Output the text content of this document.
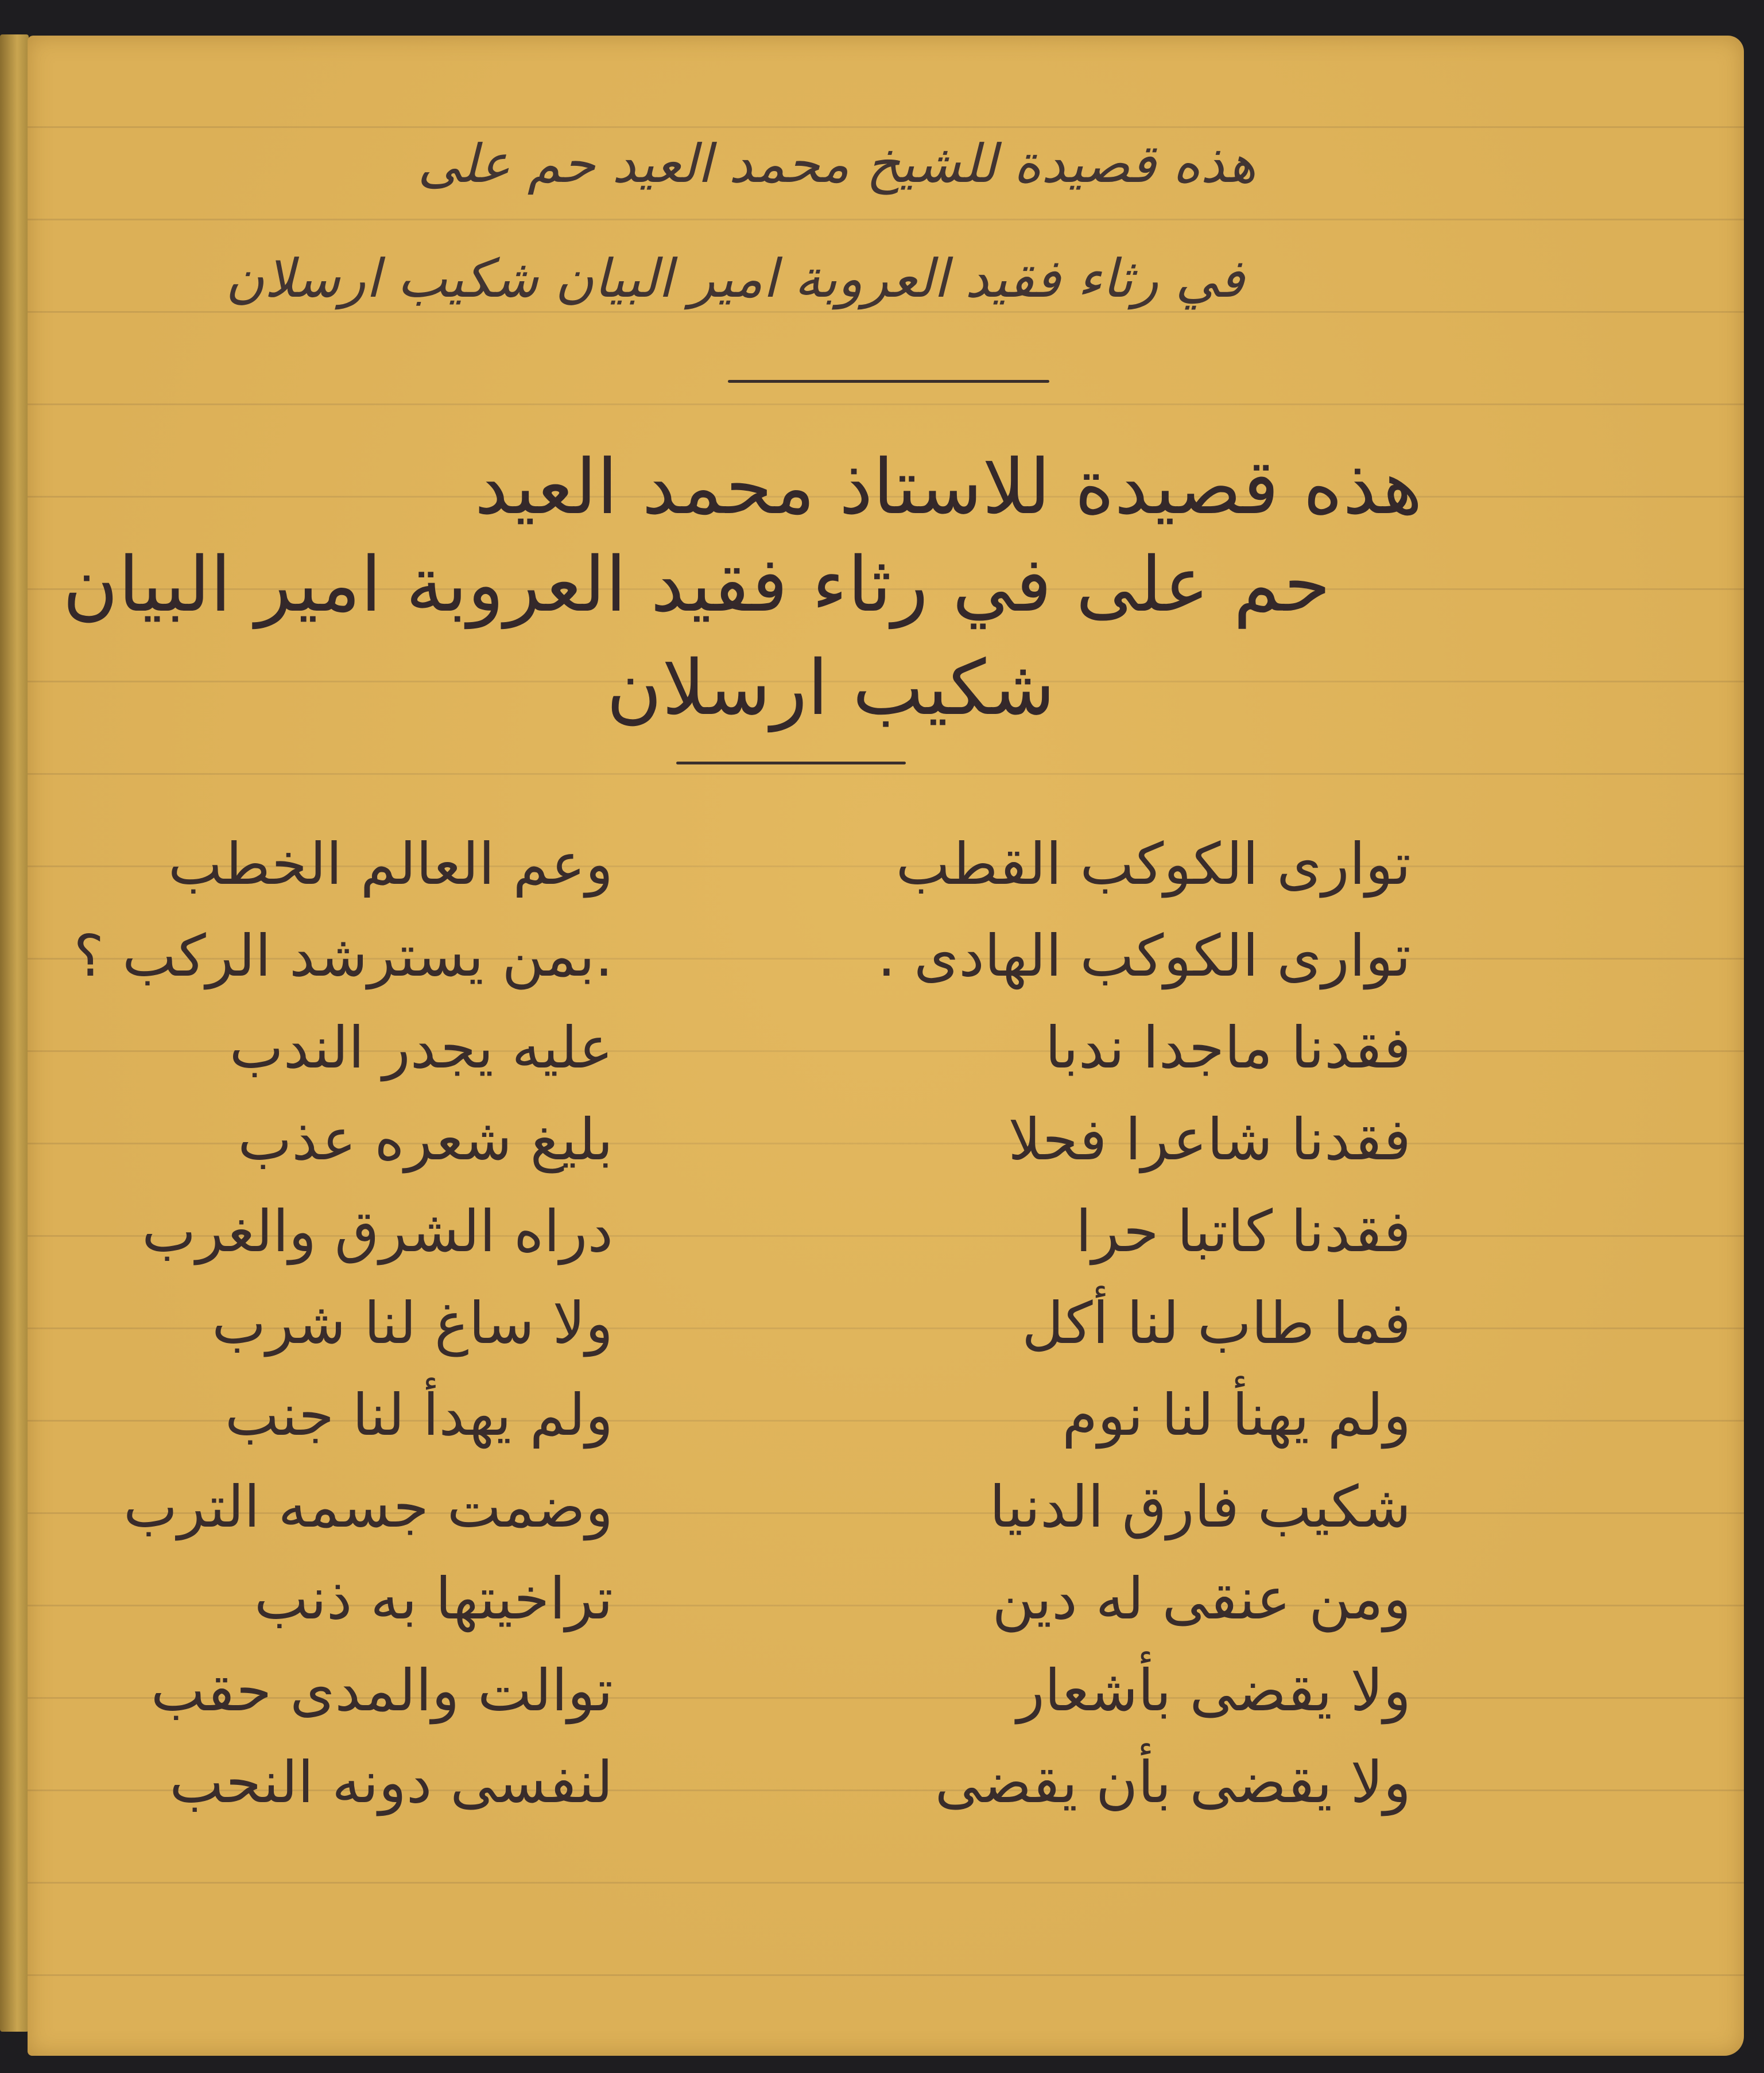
هذه قصيدة للشيخ محمد العيد حم على
في رثاء فقيد العروبة امير البيان شكيب ارسلان
هذه قصيدة للاستاذ محمد العيد
حم على في رثاء فقيد العروبة امير البيان
شكيب ارسلان
توارى الكوكب القطب
وعم العالم الخطب
توارى الكوكب الهادى .
.بمن يسترشد الركب ؟
فقدنا ماجدا ندبا
عليه يجدر الندب
فقدنا شاعرا فحلا
بليغ شعره عذب
فقدنا كاتبا حرا
دراه الشرق والغرب
فما طاب لنا أكل
ولا ساغ لنا شرب
ولم يهنأ لنا نوم
ولم يهدأ لنا جنب
شكيب فارق الدنيا
وضمت جسمه الترب
ومن عنقى له دين
تراخيتها به ذنب
ولا يقضى بأشعار
توالت والمدى حقب
ولا يقضى بأن يقضى
لنفسى دونه النحب
